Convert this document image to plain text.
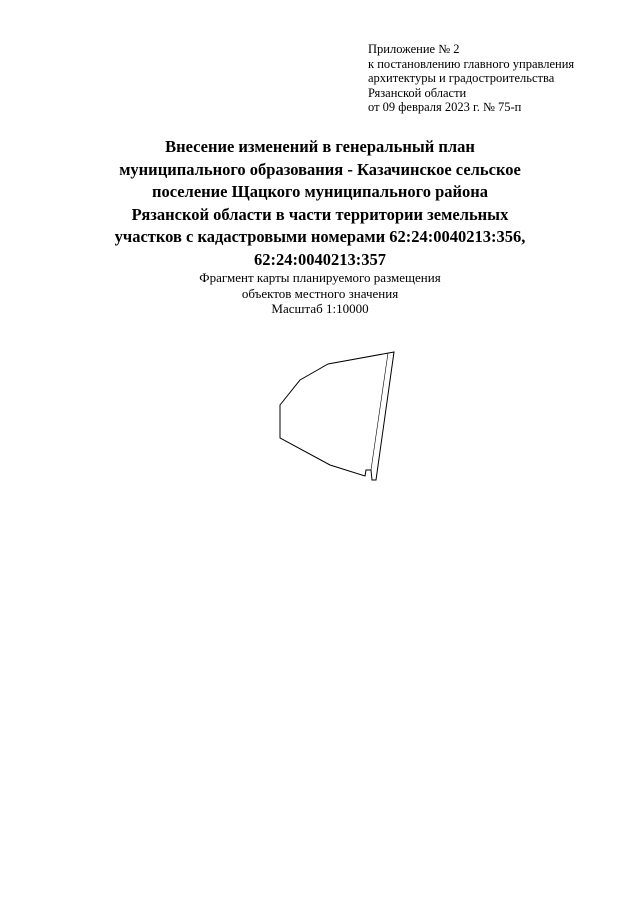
Приложение № 2
к постановлению главного управления
архитектуры и градостроительства
Рязанской области
от 09 февраля 2023 г. № 75-п
Внесение изменений в генеральный план
муниципального образования - Казачинское сельское
поселение Щацкого муниципального района
Рязанской области в части территории земельных
участков с кадастровыми номерами 62:24:0040213:356,
62:24:0040213:357
Фрагмент карты планируемого размещения
объектов местного значения
Масштаб 1:10000
